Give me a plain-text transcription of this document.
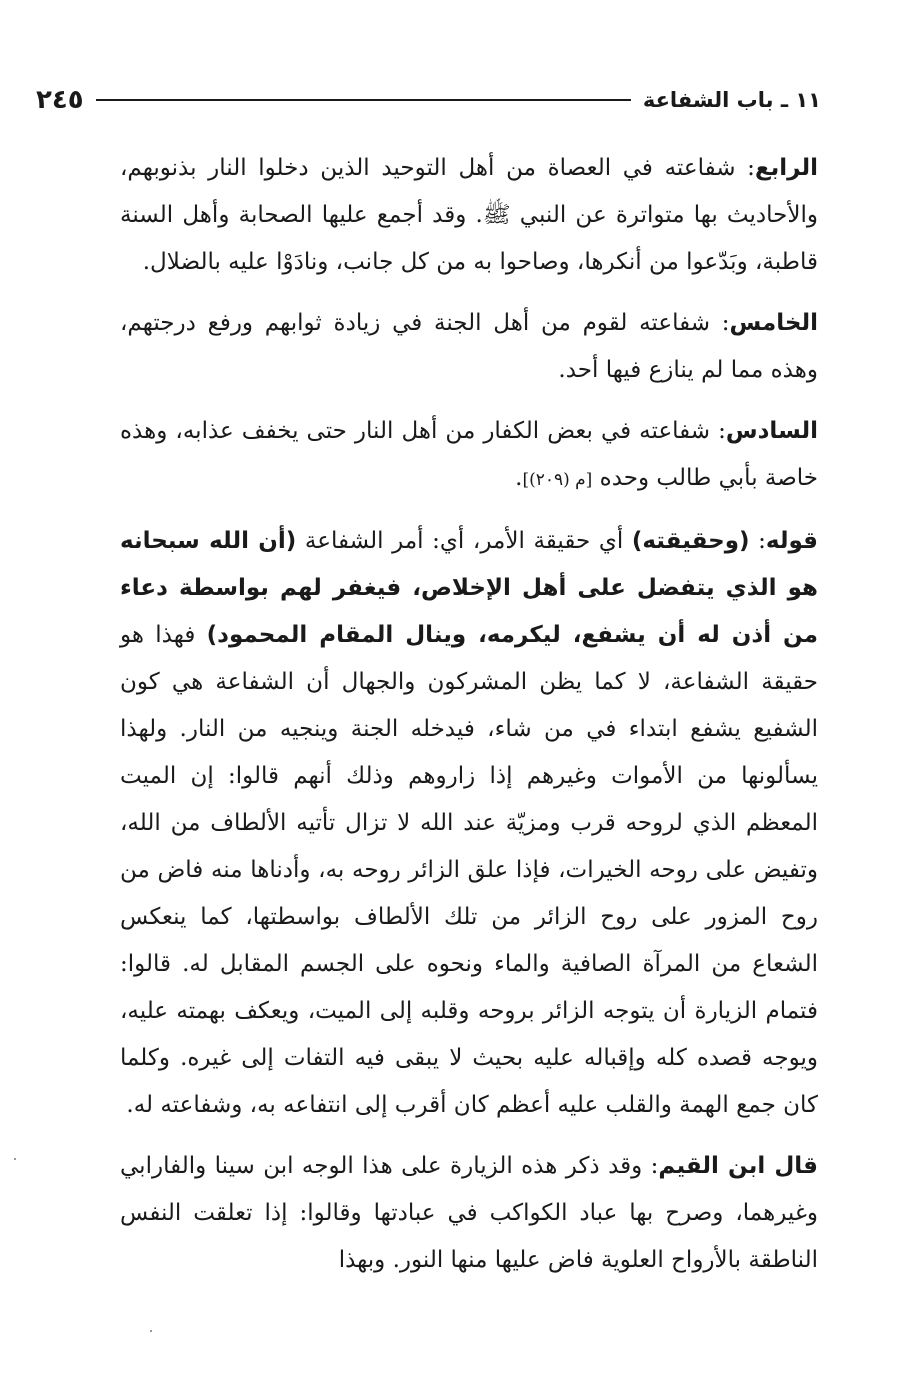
١١ ـ باب الشفاعة
٢٤٥

الرابع: شفاعته في العصاة من أهل التوحيد الذين دخلوا النار بذنوبهم، والأحاديث بها متواترة عن النبي ﷺ. وقد أجمع عليها الصحابة وأهل السنة قاطبة، وبَدّعوا من أنكرها، وصاحوا به من كل جانب، ونادَوْا عليه بالضلال.

الخامس: شفاعته لقوم من أهل الجنة في زيادة ثوابهم ورفع درجتهم، وهذه مما لم ينازع فيها أحد.

السادس: شفاعته في بعض الكفار من أهل النار حتى يخفف عذابه، وهذه خاصة بأبي طالب وحده [م (٢٠٩)].

قوله: (وحقيقته) أي حقيقة الأمر، أي: أمر الشفاعة (أن الله سبحانه هو الذي يتفضل على أهل الإخلاص، فيغفر لهم بواسطة دعاء من أذن له أن يشفع، ليكرمه، وينال المقام المحمود) فهذا هو حقيقة الشفاعة، لا كما يظن المشركون والجهال أن الشفاعة هي كون الشفيع يشفع ابتداء في من شاء، فيدخله الجنة وينجيه من النار. ولهذا يسألونها من الأموات وغيرهم إذا زاروهم وذلك أنهم قالوا: إن الميت المعظم الذي لروحه قرب ومزيّة عند الله لا تزال تأتيه الألطاف من الله، وتفيض على روحه الخيرات، فإذا علق الزائر روحه به، وأدناها منه فاض من روح المزور على روح الزائر من تلك الألطاف بواسطتها، كما ينعكس الشعاع من المرآة الصافية والماء ونحوه على الجسم المقابل له. قالوا: فتمام الزيارة أن يتوجه الزائر بروحه وقلبه إلى الميت، ويعكف بهمته عليه، ويوجه قصده كله وإقباله عليه بحيث لا يبقى فيه التفات إلى غيره. وكلما كان جمع الهمة والقلب عليه أعظم كان أقرب إلى انتفاعه به، وشفاعته له.

قال ابن القيم: وقد ذكر هذه الزيارة على هذا الوجه ابن سينا والفارابي وغيرهما، وصرح بها عباد الكواكب في عبادتها وقالوا: إذا تعلقت النفس الناطقة بالأرواح العلوية فاض عليها منها النور. وبهذا
